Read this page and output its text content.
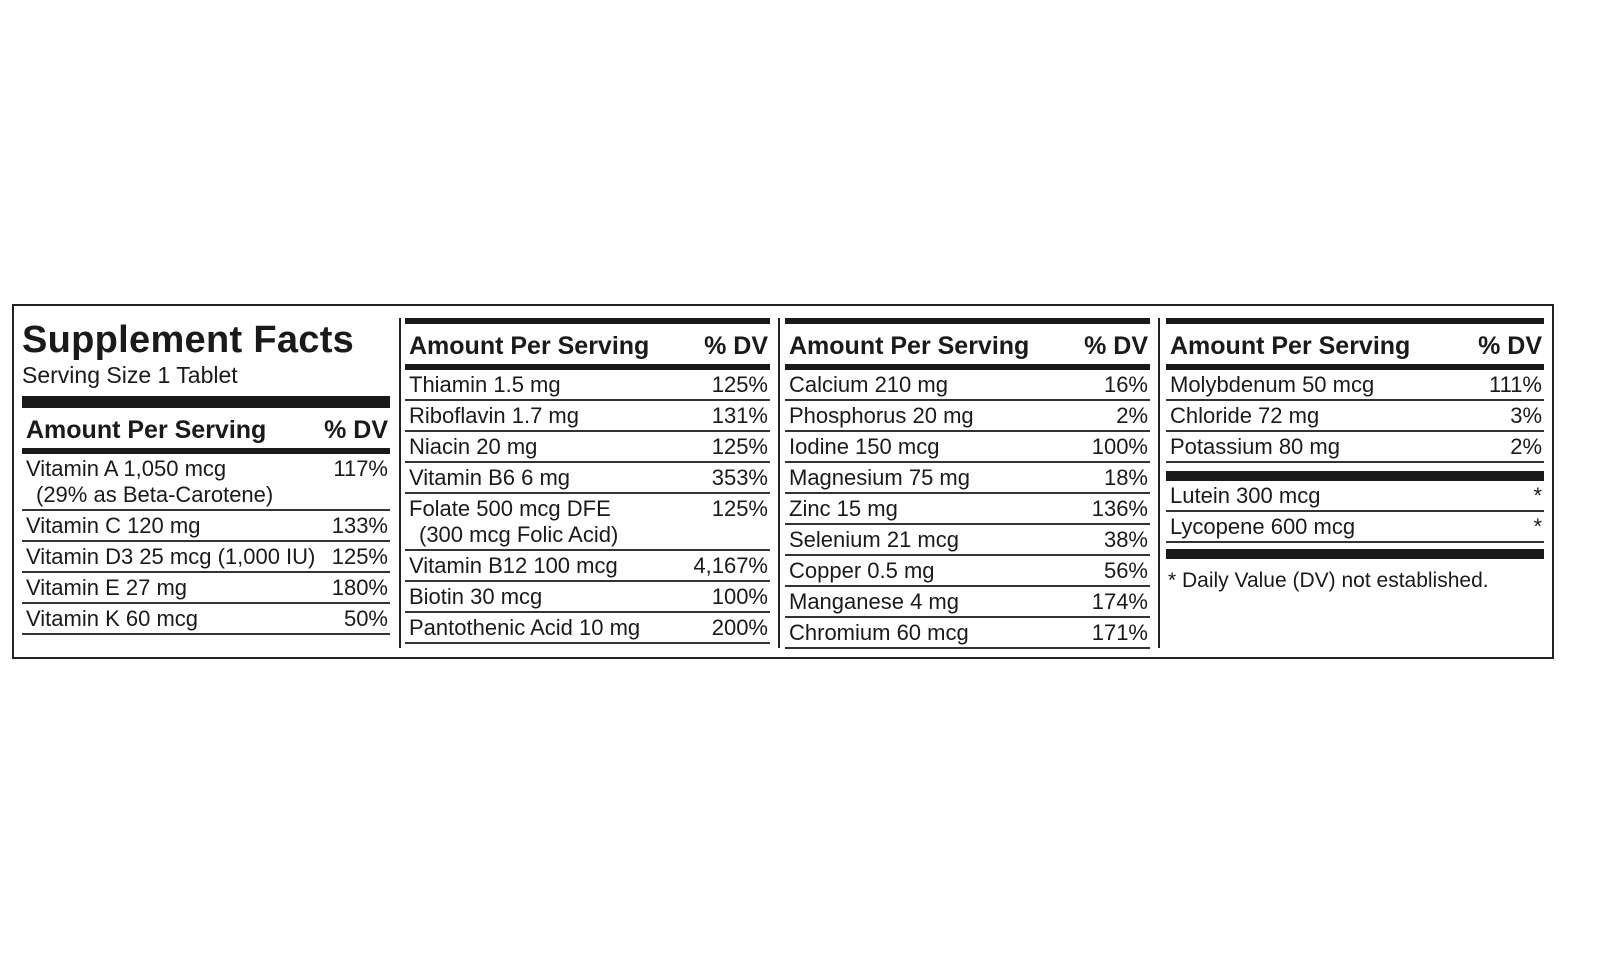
Supplement Facts
Serving Size 1 Tablet
Amount Per Serving % DV
Vitamin A 1,050 mcg
(29% as Beta-Carotene)
117%
Vitamin C 120 mg	133%
Vitamin D3 25 mcg (1,000 IU) 125%
Vitamin E 27 mg	180%
Vitamin K 60 mcg	50%
Amount Per Serving % DV
Thiamin 1.5 mg	125%
Riboflavin 1.7 mg	131%
Niacin 20 mg	125%
Vitamin B6 6 mg	353%
Folate 500 mcg DFE
(300 mcg Folic Acid)
125%
Vitamin B12 100 mcg	4,167%
Biotin 30 mcg	100%
Pantothenic Acid 10 mg	200%
Amount Per Serving % DV
Calcium 210 mg	16%
Phosphorus 20 mg	2%
Iodine 150 mcg	100%
Magnesium 75 mg	18%
Zinc 15 mg	136%
Selenium 21 mcg	38%
Copper 0.5 mg	56%
Manganese 4 mg	174%
Chromium 60 mcg	171%
Amount Per Serving	% DV
Molybdenum 50 mcg	111%
Chloride 72 mg	3%
Potassium 80 mg	2%
Lutein 300 mcg	*
Lycopene 600 mcg	*
* Daily Value (DV) not established.
